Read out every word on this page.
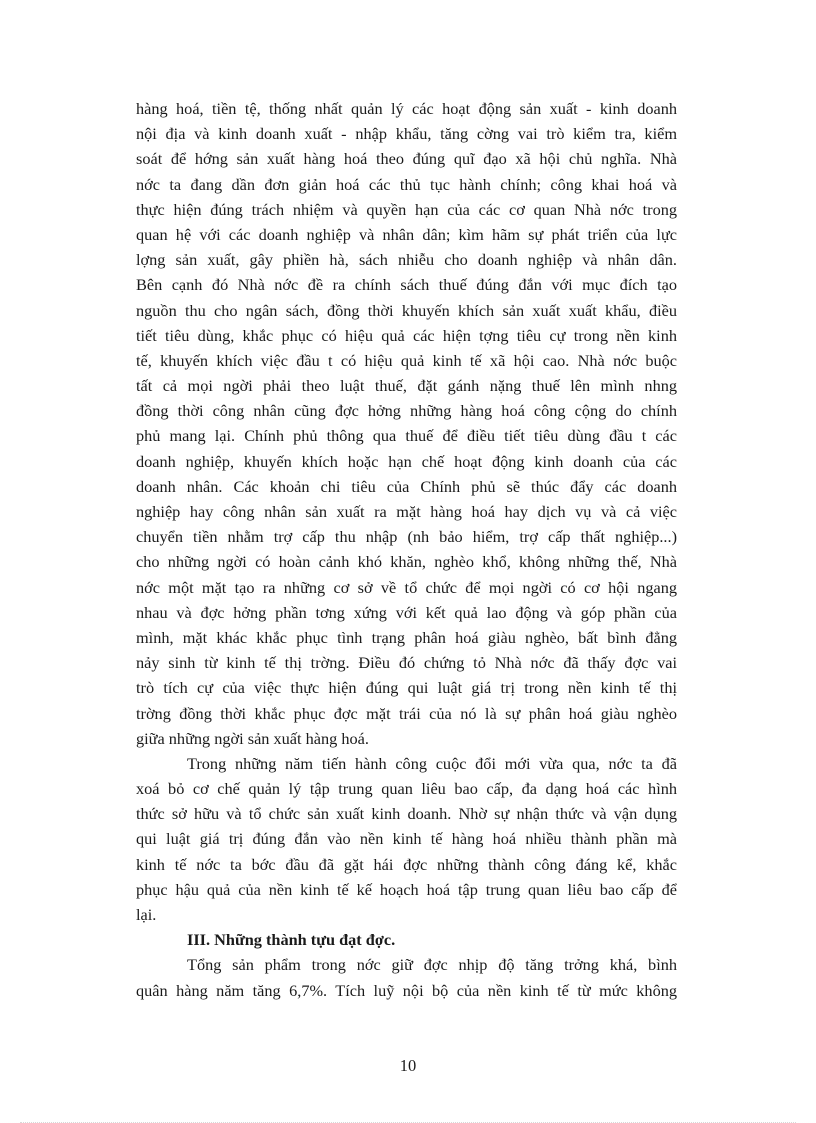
hàng hoá, tiền tệ, thống nhất quản lý các hoạt động sản xuất - kinh doanh
nội địa và kinh doanh xuất - nhập khẩu, tăng cờng vai trò kiểm tra, kiểm
soát để hớng sản xuất hàng hoá theo đúng quĩ đạo xã hội chủ nghĩa. Nhà
nớc ta đang dần đơn giản hoá các thủ tục hành chính; công khai hoá và
thực hiện đúng trách nhiệm và quyền hạn của các cơ quan Nhà nớc trong
quan hệ với các doanh nghiệp và nhân dân; kìm hãm sự phát triển của lực
lợng sản xuất, gây phiền hà, sách nhiễu cho doanh nghiệp và nhân dân.
Bên cạnh đó Nhà nớc đề ra chính sách thuế đúng đắn với mục đích tạo
nguồn thu cho ngân sách, đồng thời khuyến khích sản xuất xuất khẩu, điều
tiết tiêu dùng, khắc phục có hiệu quả các hiện tợng tiêu cự trong nền kinh
tế, khuyến khích việc đầu t có hiệu quả kinh tế xã hội cao. Nhà nớc buộc
tất cả mọi ngời phải theo luật thuế, đặt gánh nặng thuế lên mình nhng
đồng thời công nhân cũng đợc hởng những hàng hoá công cộng do chính
phủ mang lại. Chính phủ thông qua thuế để điều tiết tiêu dùng đầu t các
doanh nghiệp, khuyến khích hoặc hạn chế hoạt động kinh doanh của các
doanh nhân. Các khoản chi tiêu của Chính phủ sẽ thúc đẩy các doanh
nghiệp hay công nhân sản xuất ra mặt hàng hoá hay dịch vụ và cả việc
chuyển tiền nhằm trợ cấp thu nhập (nh bảo hiểm, trợ cấp thất nghiệp...)
cho những ngời có hoàn cảnh khó khăn, nghèo khổ, không những thế, Nhà
nớc một mặt tạo ra những cơ sở về tổ chức để mọi ngời có cơ hội ngang
nhau và đợc hởng phần tơng xứng với kết quả lao động và góp phần của
mình, mặt khác khắc phục tình trạng phân hoá giàu nghèo, bất bình đẳng
nảy sinh từ kinh tế thị trờng. Điều đó chứng tỏ Nhà nớc đã thấy đợc vai
trò tích cự của việc thực hiện đúng qui luật giá trị trong nền kinh tế thị
trờng đồng thời khắc phục đợc mặt trái của nó là sự phân hoá giàu nghèo
giữa những ngời sản xuất hàng hoá.
Trong những năm tiến hành công cuộc đổi mới vừa qua, nớc ta đã
xoá bỏ cơ chế quản lý tập trung quan liêu bao cấp, đa dạng hoá các hình
thức sở hữu và tổ chức sản xuất kinh doanh. Nhờ sự nhận thức và vận dụng
qui luật giá trị đúng đắn vào nền kinh tế hàng hoá nhiều thành phần mà
kinh tế nớc ta bớc đầu đã gặt hái đợc những thành công đáng kể, khắc
phục hậu quả của nền kinh tế kế hoạch hoá tập trung quan liêu bao cấp để
lại.
III. Những thành tựu đạt đợc.
Tổng sản phẩm trong nớc giữ đợc nhịp độ tăng trởng khá, bình
quân hàng năm tăng 6,7%. Tích luỹ nội bộ của nền kinh tế từ mức không
10
